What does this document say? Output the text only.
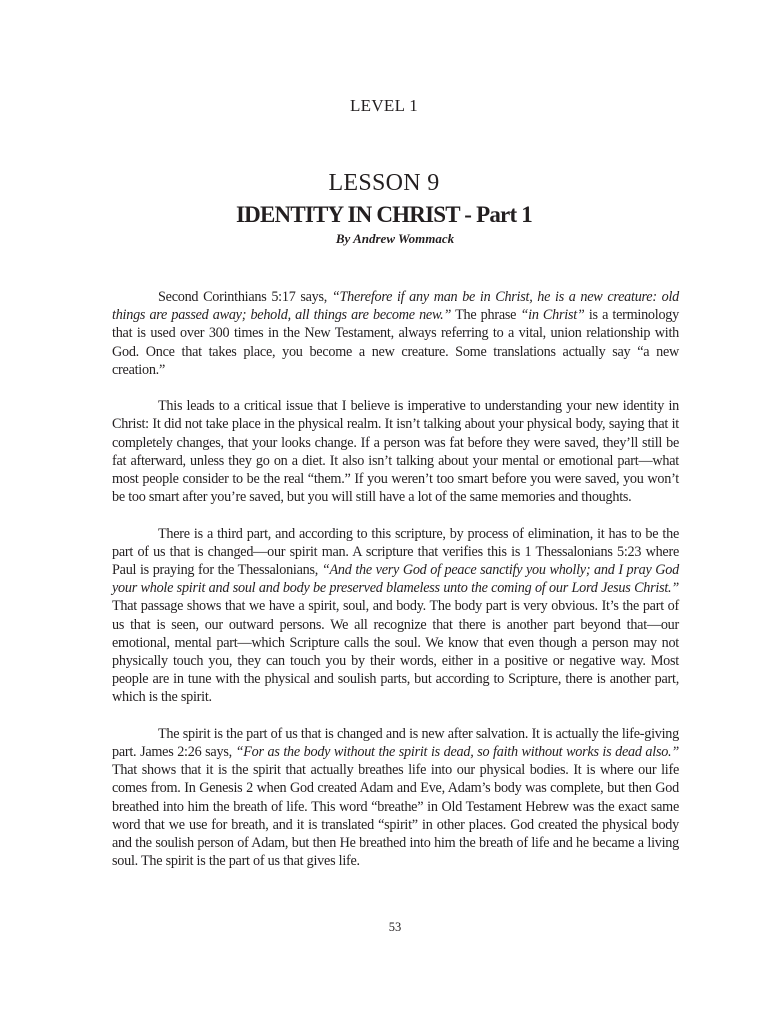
LEVEL 1
LESSON 9
IDENTITY IN CHRIST - Part 1
By Andrew Wommack

Second Corinthians 5:17 says, “Therefore if any man be in Christ, he is a new creature: old things are passed away; behold, all things are become new.” The phrase “in Christ” is a terminology that is used over 300 times in the New Testament, always referring to a vital, union relationship with God. Once that takes place, you become a new creature. Some translations actually say “a new creation.”

This leads to a critical issue that I believe is imperative to understanding your new identity in Christ: It did not take place in the physical realm. It isn’t talking about your physical body, saying that it completely changes, that your looks change. If a person was fat before they were saved, they’ll still be fat afterward, unless they go on a diet. It also isn’t talking about your mental or emotional part—what most people consider to be the real “them.” If you weren’t too smart before you were saved, you won’t be too smart after you’re saved, but you will still have a lot of the same memories and thoughts.

There is a third part, and according to this scripture, by process of elimination, it has to be the part of us that is changed—our spirit man. A scripture that verifies this is 1 Thessalonians 5:23 where Paul is praying for the Thessalonians, “And the very God of peace sanctify you wholly; and I pray God your whole spirit and soul and body be preserved blameless unto the coming of our Lord Jesus Christ.” That passage shows that we have a spirit, soul, and body. The body part is very obvious. It’s the part of us that is seen, our outward persons. We all recognize that there is another part beyond that—our emotional, mental part—which Scripture calls the soul. We know that even though a person may not physically touch you, they can touch you by their words, either in a positive or negative way. Most people are in tune with the physical and soulish parts, but according to Scripture, there is another part, which is the spirit.

The spirit is the part of us that is changed and is new after salvation. It is actually the life-giving part. James 2:26 says, “For as the body without the spirit is dead, so faith without works is dead also.” That shows that it is the spirit that actually breathes life into our physical bodies. It is where our life comes from. In Genesis 2 when God created Adam and Eve, Adam’s body was complete, but then God breathed into him the breath of life. This word “breathe” in Old Testament Hebrew was the exact same word that we use for breath, and it is translated “spirit” in other places. God created the physical body and the soulish person of Adam, but then He breathed into him the breath of life and he became a living soul. The spirit is the part of us that gives life.

53
